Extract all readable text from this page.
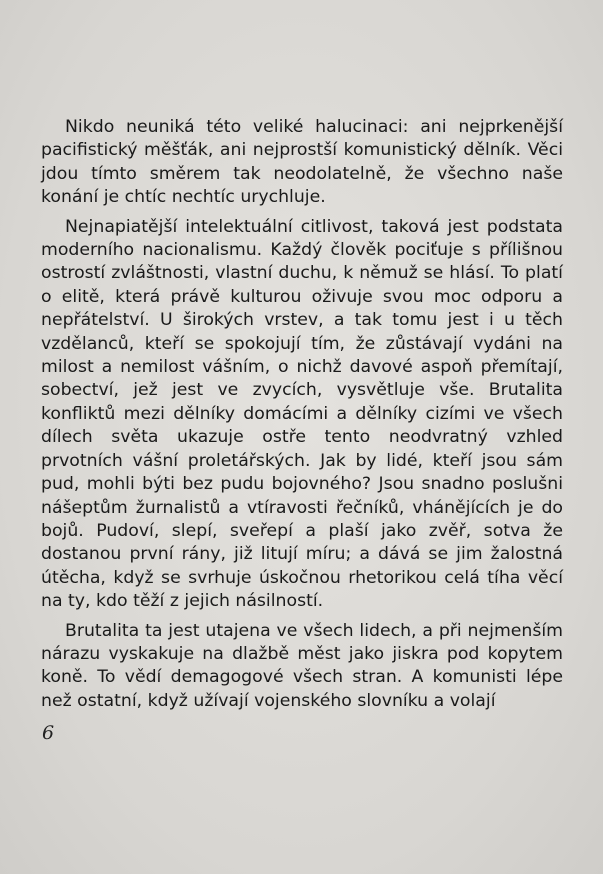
Nikdo neuniká této veliké halucinaci: ani nejprkenější pacifistický měšťák, ani nejprostší komunistický dělník. Věci jdou tímto směrem tak neodolatelně, že všechno naše konání je chtíc nechtíc urychluje.

Nejnapiatější intelektuální citlivost, taková jest podstata moderního nacionalismu. Každý člověk pociťuje s přílišnou ostrostí zvláštnosti, vlastní duchu, k němuž se hlásí. To platí o elitě, která právě kulturou oživuje svou moc odporu a nepřátelství. U širokých vrstev, a tak tomu jest i u těch vzdělanců, kteří se spokojují tím, že zůstávají vydáni na milost a nemilost vášním, o nichž davové aspoň přemítají, sobectví, jež jest ve zvycích, vysvětluje vše. Brutalita konfliktů mezi dělníky domácími a dělníky cizími ve všech dílech světa ukazuje ostře tento neodvratný vzhled prvotních vášní proletářských. Jak by lidé, kteří jsou sám pud, mohli býti bez pudu bojovného? Jsou snadno poslušni nášeptům žurnalistů a vtíravosti řečníků, vhánějících je do bojů. Pudoví, slepí, sveřepí a plaší jako zvěř, sotva že dostanou první rány, již litují míru; a dává se jim žalostná útěcha, když se svrhuje úskočnou rhetorikou celá tíha věcí na ty, kdo těží z jejich násilností.

Brutalita ta jest utajena ve všech lidech, a při nejmenším nárazu vyskakuje na dlažbě měst jako jiskra pod kopytem koně. To vědí demagogové všech stran. A komunisti lépe než ostatní, když užívají vojenského slovníku a volají

6
